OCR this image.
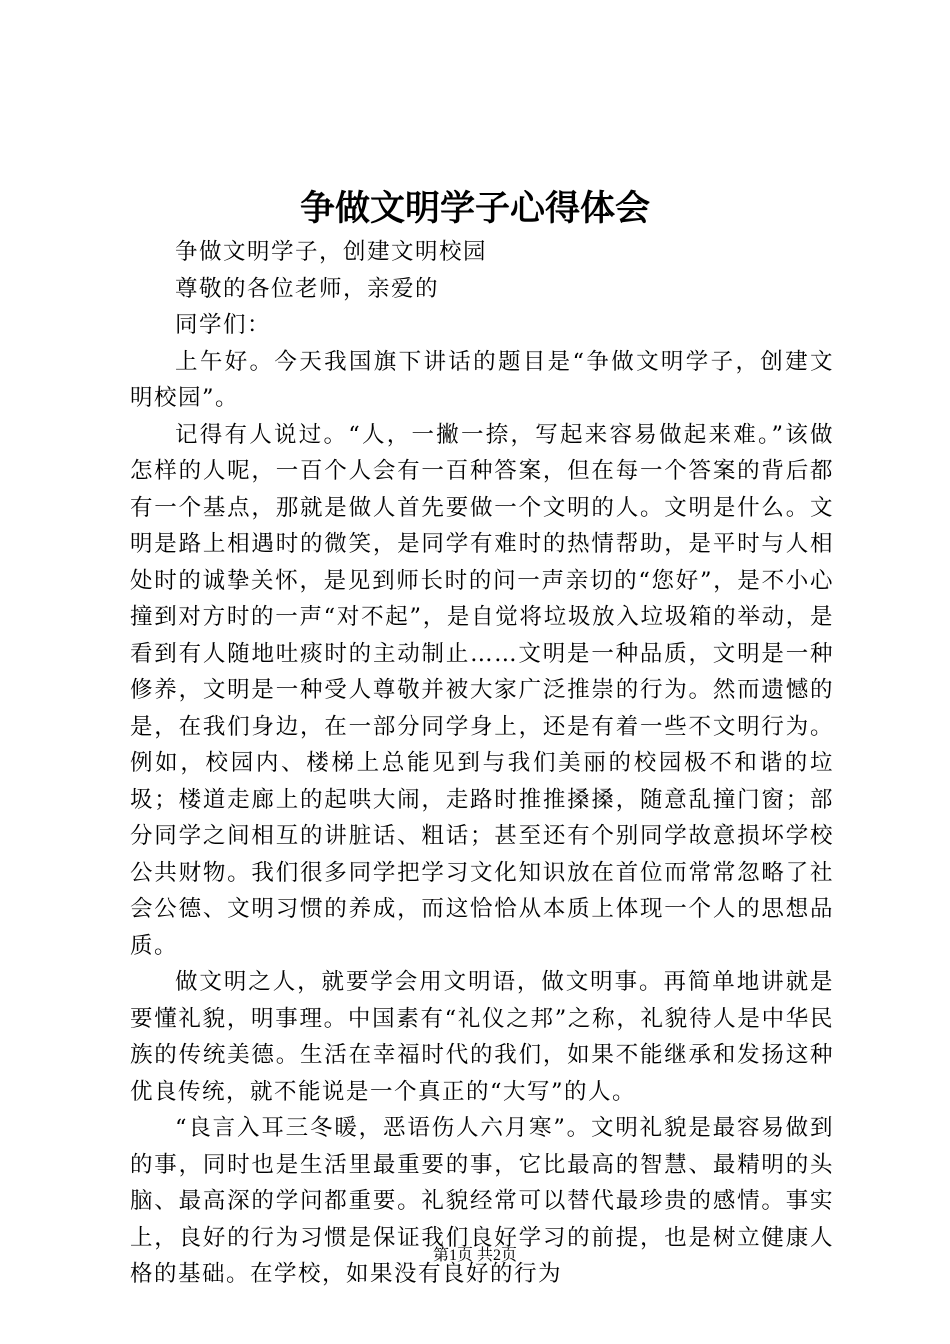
争做文明学子心得体会

争做文明学子，创建文明校园

尊敬的各位老师，亲爱的

同学们：

上午好。今天我国旗下讲话的题目是“争做文明学子，创建文明校园”。

记得有人说过。“人，一撇一捺，写起来容易做起来难。”该做怎样的人呢，一百个人会有一百种答案，但在每一个答案的背后都有一个基点，那就是做人首先要做一个文明的人。文明是什么。文明是路上相遇时的微笑，是同学有难时的热情帮助，是平时与人相处时的诚挚关怀，是见到师长时的问一声亲切的“您好”，是不小心撞到对方时的一声“对不起”，是自觉将垃圾放入垃圾箱的举动，是看到有人随地吐痰时的主动制止……文明是一种品质，文明是一种修养，文明是一种受人尊敬并被大家广泛推崇的行为。然而遗憾的是，在我们身边，在一部分同学身上，还是有着一些不文明行为。例如，校园内、楼梯上总能见到与我们美丽的校园极不和谐的垃圾；楼道走廊上的起哄大闹，走路时推推搡搡，随意乱撞门窗；部分同学之间相互的讲脏话、粗话；甚至还有个别同学故意损坏学校公共财物。我们很多同学把学习文化知识放在首位而常常忽略了社会公德、文明习惯的养成，而这恰恰从本质上体现一个人的思想品质。

做文明之人，就要学会用文明语，做文明事。再简单地讲就是要懂礼貌，明事理。中国素有“礼仪之邦”之称，礼貌待人是中华民族的传统美德。生活在幸福时代的我们，如果不能继承和发扬这种优良传统，就不能说是一个真正的“大写”的人。

“良言入耳三冬暖，恶语伤人六月寒”。文明礼貌是最容易做到的事，同时也是生活里最重要的事，它比最高的智慧、最精明的头脑、最高深的学问都重要。礼貌经常可以替代最珍贵的感情。事实上，良好的行为习惯是保证我们良好学习的前提，也是树立健康人格的基础。在学校，如果没有良好的行为

第1页 共2页
